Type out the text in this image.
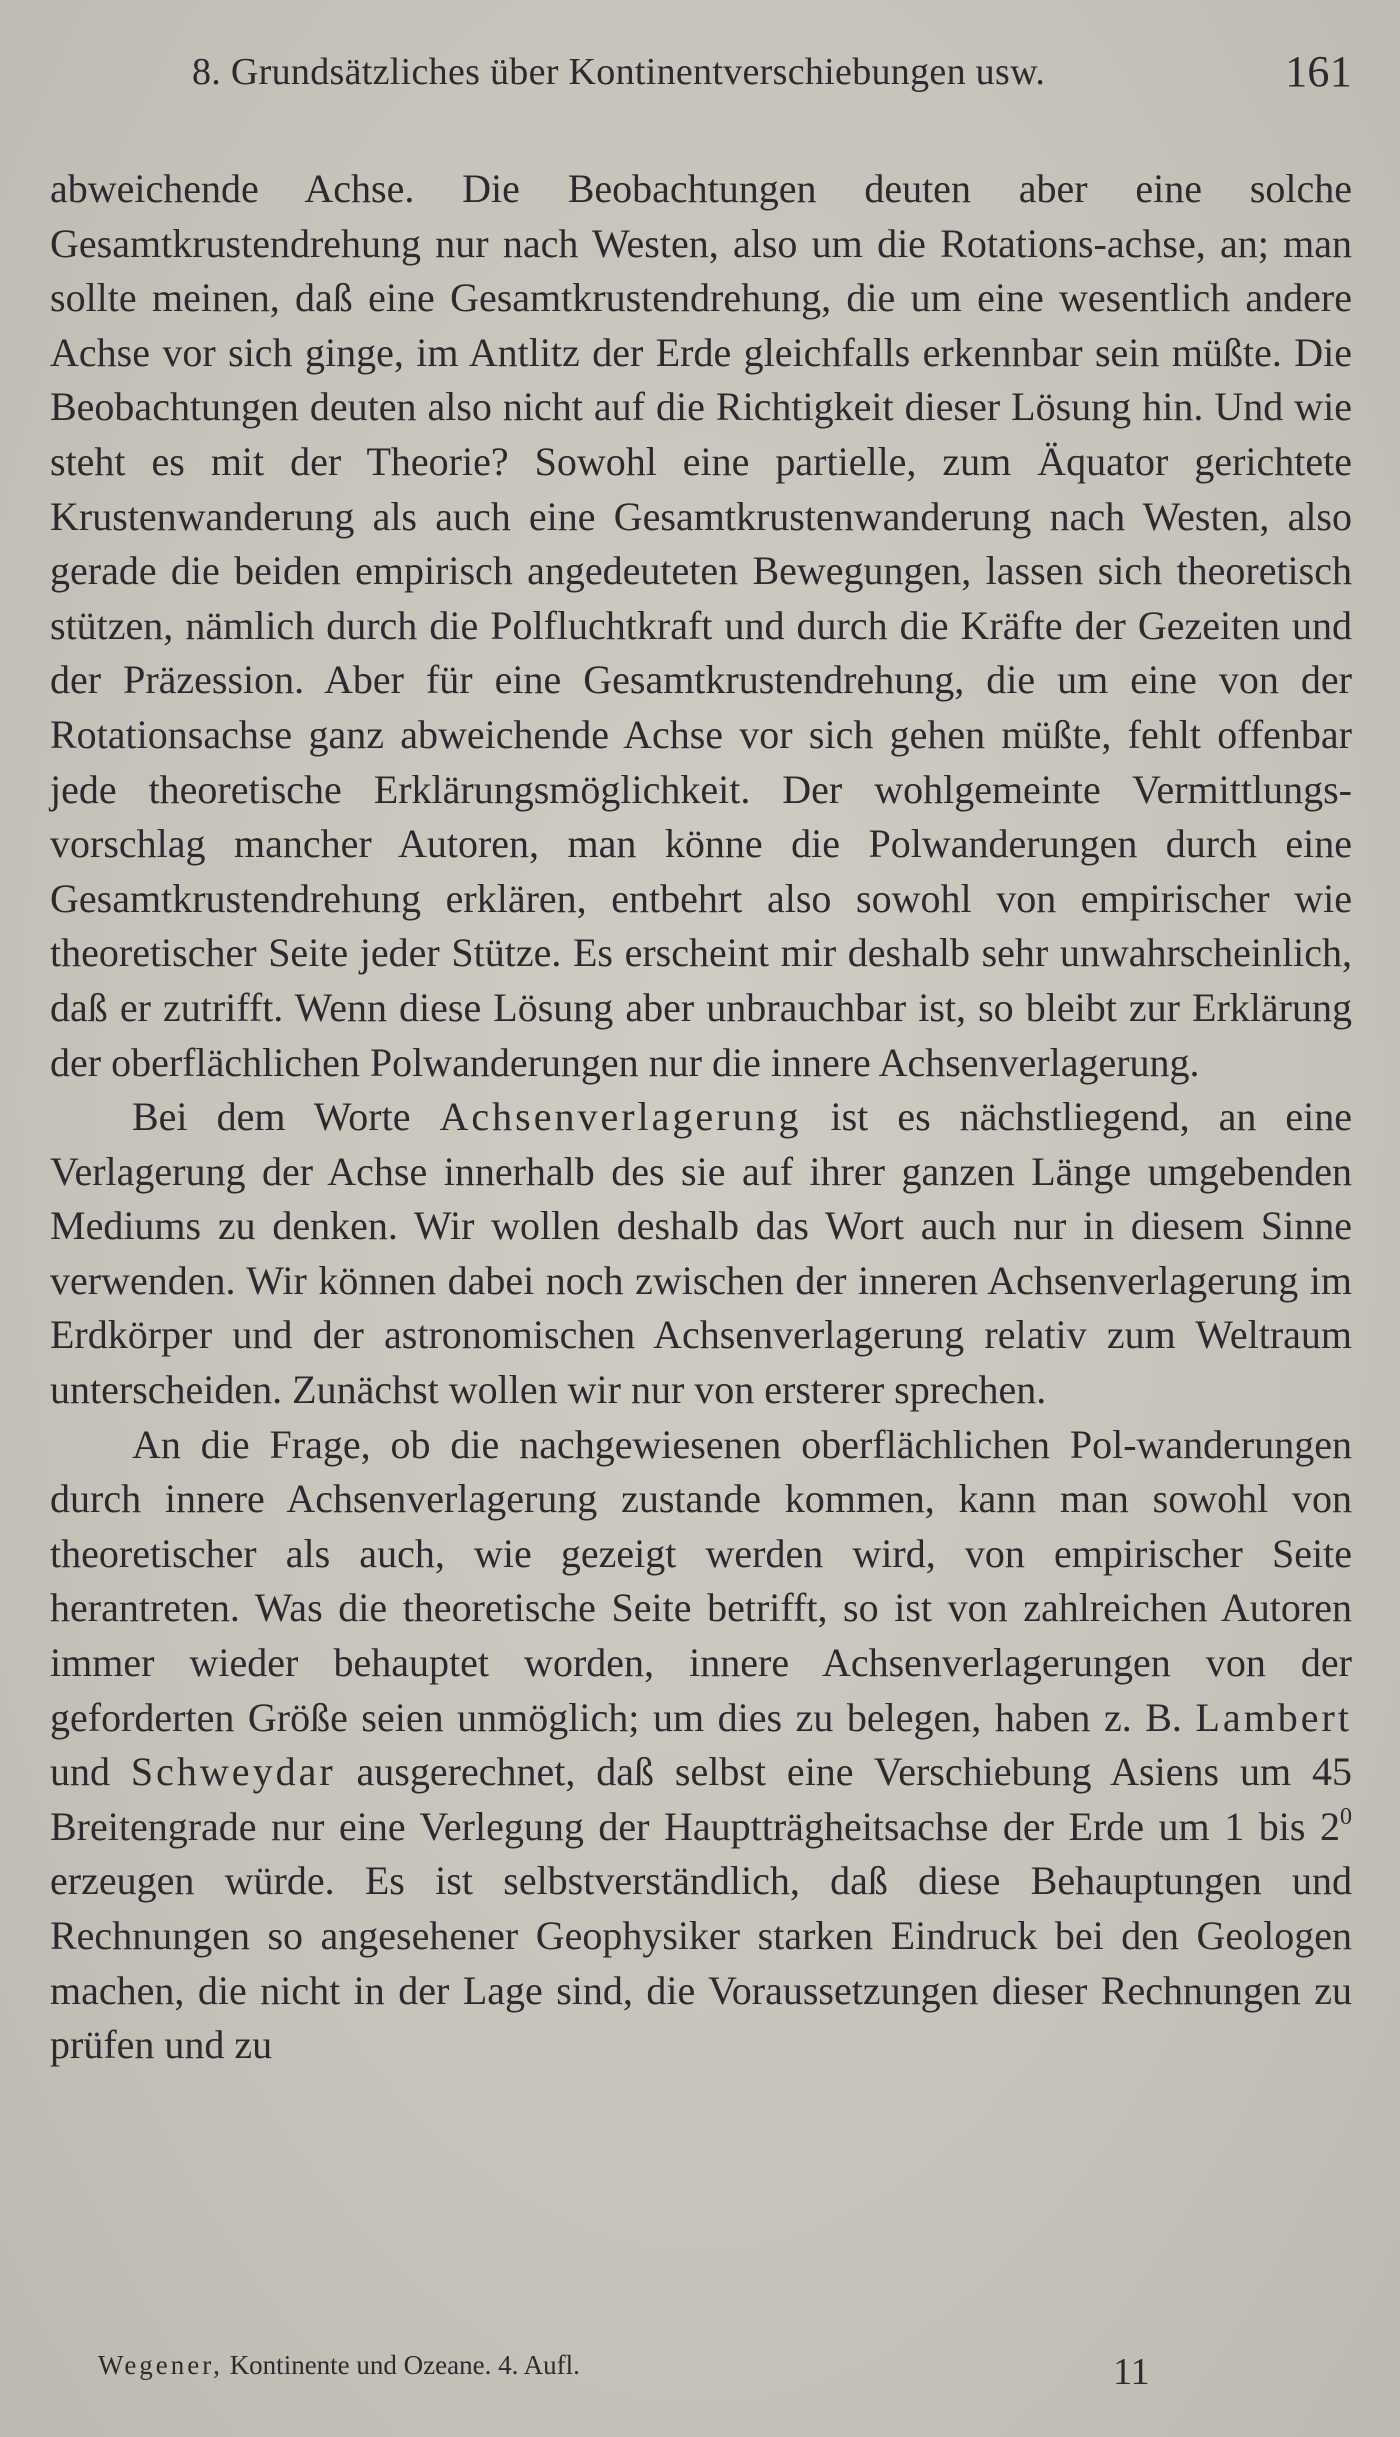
8. Grundsätzliches über Kontinentverschiebungen usw.	161

abweichende Achse. Die Beobachtungen deuten aber eine solche Gesamtkrustendrehung nur nach Westen, also um die Rotations-achse, an; man sollte meinen, daß eine Gesamtkrustendrehung, die um eine wesentlich andere Achse vor sich ginge, im Antlitz der Erde gleichfalls erkennbar sein müßte. Die Beobachtungen deuten also nicht auf die Richtigkeit dieser Lösung hin. Und wie steht es mit der Theorie? Sowohl eine partielle, zum Äquator gerichtete Krustenwanderung als auch eine Gesamtkrustenwanderung nach Westen, also gerade die beiden empirisch angedeuteten Bewegungen, lassen sich theoretisch stützen, nämlich durch die Polfluchtkraft und durch die Kräfte der Gezeiten und der Präzession. Aber für eine Gesamtkrustendrehung, die um eine von der Rotationsachse ganz abweichende Achse vor sich gehen müßte, fehlt offenbar jede theoretische Erklärungsmöglichkeit. Der wohlgemeinte Vermittlungs-vorschlag mancher Autoren, man könne die Polwanderungen durch eine Gesamtkrustendrehung erklären, entbehrt also sowohl von empirischer wie theoretischer Seite jeder Stütze. Es erscheint mir deshalb sehr unwahrscheinlich, daß er zutrifft. Wenn diese Lösung aber unbrauchbar ist, so bleibt zur Erklärung der oberflächlichen Polwanderungen nur die innere Achsenverlagerung.

Bei dem Worte Achsenverlagerung ist es nächstliegend, an eine Verlagerung der Achse innerhalb des sie auf ihrer ganzen Länge umgebenden Mediums zu denken. Wir wollen deshalb das Wort auch nur in diesem Sinne verwenden. Wir können dabei noch zwischen der inneren Achsenverlagerung im Erdkörper und der astronomischen Achsenverlagerung relativ zum Weltraum unterscheiden. Zunächst wollen wir nur von ersterer sprechen.

An die Frage, ob die nachgewiesenen oberflächlichen Pol-wanderungen durch innere Achsenverlagerung zustande kommen, kann man sowohl von theoretischer als auch, wie gezeigt werden wird, von empirischer Seite herantreten. Was die theoretische Seite betrifft, so ist von zahlreichen Autoren immer wieder behauptet worden, innere Achsenverlagerungen von der geforderten Größe seien unmöglich; um dies zu belegen, haben z. B. Lambert und Schweydar ausgerechnet, daß selbst eine Verschiebung Asiens um 45 Breitengrade nur eine Verlegung der Hauptträgheitsachse der Erde um 1 bis $2^0$ erzeugen würde. Es ist selbstverständlich, daß diese Behauptungen und Rechnungen so angesehener Geophysiker starken Eindruck bei den Geologen machen, die nicht in der Lage sind, die Voraussetzungen dieser Rechnungen zu prüfen und zu

Wegener, Kontinente und Ozeane. 4. Aufl.	11
